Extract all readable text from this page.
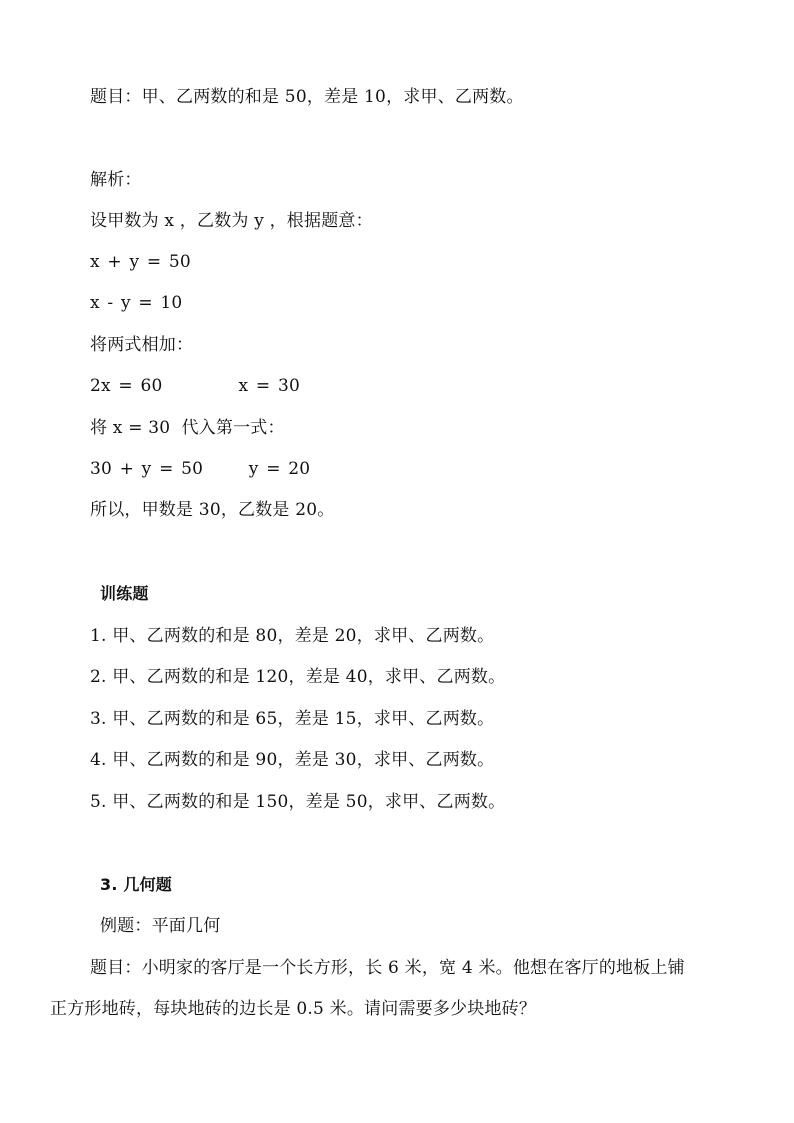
题目：甲、乙两数的和是 50，差是 10，求甲、乙两数。
解析：
设甲数为 x ，乙数为 y ，根据题意：
x + y = 50
x - y = 10
将两式相加：
2x = 60          x = 30
将 x = 30  代入第一式：
30 + y = 50      y = 20
所以，甲数是 30，乙数是 20。
训练题
1. 甲、乙两数的和是 80，差是 20，求甲、乙两数。
2. 甲、乙两数的和是 120，差是 40，求甲、乙两数。
3. 甲、乙两数的和是 65，差是 15，求甲、乙两数。
4. 甲、乙两数的和是 90，差是 30，求甲、乙两数。
5. 甲、乙两数的和是 150，差是 50，求甲、乙两数。
3. 几何题
例题：平面几何
题目：小明家的客厅是一个长方形，长 6 米，宽 4 米。他想在客厅的地板上铺
正方形地砖，每块地砖的边长是 0.5 米。请问需要多少块地砖？
